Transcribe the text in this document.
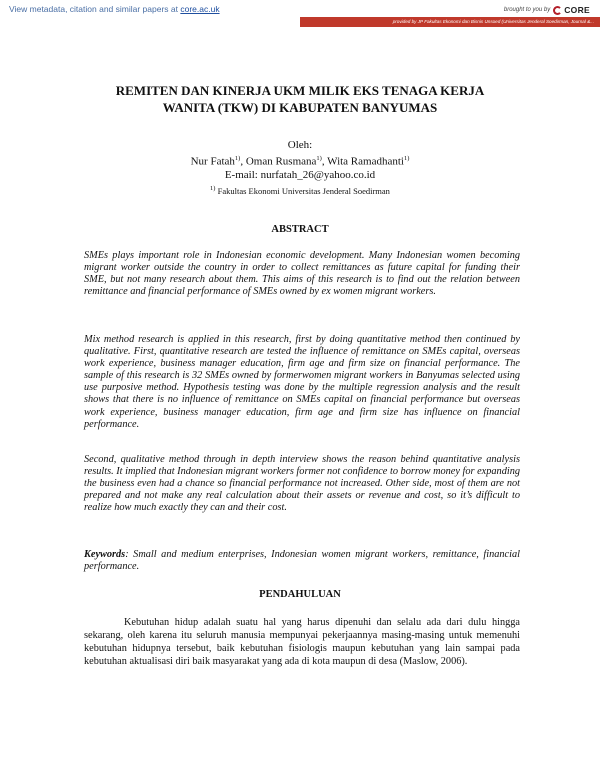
View metadata, citation and similar papers at core.ac.uk	brought to you by CORE
provided by JP Fakultas Ekonomi dan Bisnis Unsoed (Universitas Jenderal Soedirman, Journal &...
REMITEN DAN KINERJA UKM MILIK EKS TENAGA KERJA
WANITA (TKW) DI KABUPATEN BANYUMAS
Oleh:
Nur Fatah$^{1)}$, Oman Rusmana$^{1)}$, Wita Ramadhanti$^{1)}$
E-mail: nurfatah_26@yahoo.co.id
$^{1)}$ Fakultas Ekonomi Universitas Jenderal Soedirman
ABSTRACT

SMEs plays important role in Indonesian economic development. Many Indonesian women becoming migrant worker outside the country in order to collect remittances as future capital for funding their SME, but not many research about them. This aims of this research is to find out the relation between remittance and financial performance of SMEs owned by ex women migrant workers.

Mix method research is applied in this research, first by doing quantitative method then continued by qualitative. First, quantitative research are tested the influence of remittance on SMEs capital, overseas work experience, business manager education, firm age and firm size on financial performance. The sample of this research is 32 SMEs owned by formerwomen migrant workers in Banyumas selected using use purposive method. Hypothesis testing was done by the multiple regression analysis and the result shows that there is no influence of remittance on SMEs capital on financial performance but overseas work experience, business manager education, firm age and firm size has influence on financial performance.

Second, qualitative method through in depth interview shows the reason behind quantitative analysis results. It implied that Indonesian migrant workers former not confidence to borrow money for expanding the business even had a chance so financial performance not increased. Other side, most of them are not prepared and not make any real calculation about their assets or revenue and cost, so it’s difficult to realize how much exactly they can and their cost.

Keywords: Small and medium enterprises, Indonesian women migrant workers, remittance, financial performance.

PENDAHULUAN

Kebutuhan hidup adalah suatu hal yang harus dipenuhi dan selalu ada dari dulu hingga sekarang, oleh karena itu seluruh manusia mempunyai pekerjaannya masing-masing untuk memenuhi kebutuhan hidupnya tersebut, baik kebutuhan fisiologis maupun kebutuhan yang lain sampai pada kebutuhan aktualisasi diri baik masyarakat yang ada di kota maupun di desa (Maslow, 2006).
